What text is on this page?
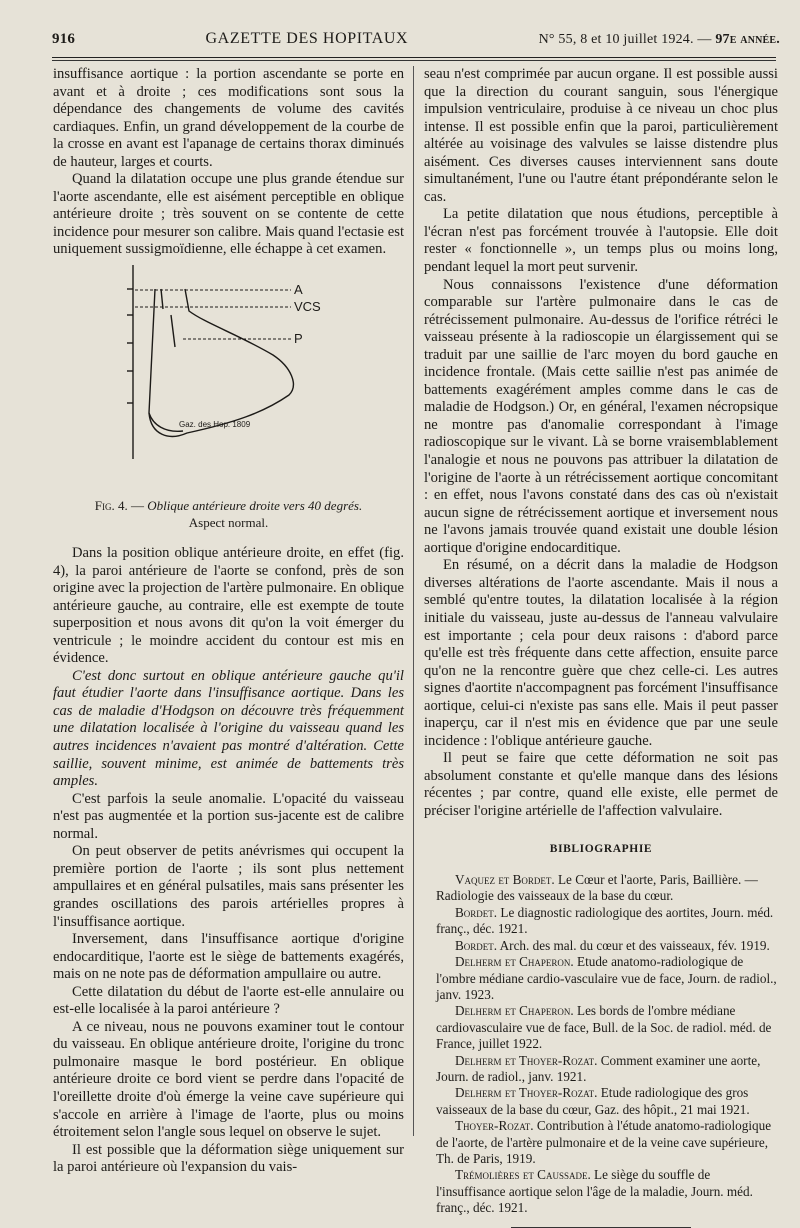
916	GAZETTE DES HOPITAUX	N° 55, 8 et 10 juillet 1924. — 97e année.

insuffisance aortique : la portion ascendante se porte en avant et à droite ; ces modifications sont sous la dépendance des changements de volume des cavités cardiaques. Enfin, un grand développement de la courbe de la crosse en avant est l'apanage de certains thorax diminués de hauteur, larges et courts.

Quand la dilatation occupe une plus grande étendue sur l'aorte ascendante, elle est aisément perceptible en oblique antérieure droite ; très souvent on se contente de cette incidence pour mesurer son calibre. Mais quand l'ectasie est uniquement sussigmoïdienne, elle échappe à cet examen.

A
VCS
P
Gaz. des Hop. 1809
Fig. 4. — Oblique antérieure droite vers 40 degrés.
Aspect normal.

Dans la position oblique antérieure droite, en effet (fig. 4), la paroi antérieure de l'aorte se confond, près de son origine avec la projection de l'artère pulmonaire. En oblique antérieure gauche, au contraire, elle est exempte de toute superposition et nous avons dit qu'on la voit émerger du ventricule ; le moindre accident du contour est mis en évidence.

C'est donc surtout en oblique antérieure gauche qu'il faut étudier l'aorte dans l'insuffisance aortique. Dans les cas de maladie d'Hodgson on découvre très fréquemment une dilatation localisée à l'origine du vaisseau quand les autres incidences n'avaient pas montré d'altération. Cette saillie, souvent minime, est animée de battements très amples.

C'est parfois la seule anomalie. L'opacité du vaisseau n'est pas augmentée et la portion sus-jacente est de calibre normal.

On peut observer de petits anévrismes qui occupent la première portion de l'aorte ; ils sont plus nettement ampullaires et en général pulsatiles, mais sans présenter les grandes oscillations des parois artérielles propres à l'insuffisance aortique.

Inversement, dans l'insuffisance aortique d'origine endocarditique, l'aorte est le siège de battements exagérés, mais on ne note pas de déformation ampullaire ou autre.

Cette dilatation du début de l'aorte est-elle annulaire ou est-elle localisée à la paroi antérieure ?

A ce niveau, nous ne pouvons examiner tout le contour du vaisseau. En oblique antérieure droite, l'origine du tronc pulmonaire masque le bord postérieur. En oblique antérieure droite ce bord vient se perdre dans l'opacité de l'oreillette droite d'où émerge la veine cave supérieure qui s'accole en arrière à l'image de l'aorte, plus ou moins étroitement selon l'angle sous lequel on observe le sujet.

Il est possible que la déformation siège uniquement sur la paroi antérieure où l'expansion du vais-

seau n'est comprimée par aucun organe. Il est possible aussi que la direction du courant sanguin, sous l'énergique impulsion ventriculaire, produise à ce niveau un choc plus intense. Il est possible enfin que la paroi, particulièrement altérée au voisinage des valvules se laisse distendre plus aisément. Ces diverses causes interviennent sans doute simultanément, l'une ou l'autre étant prépondérante selon le cas.

La petite dilatation que nous étudions, perceptible à l'écran n'est pas forcément trouvée à l'autopsie. Elle doit rester « fonctionnelle », un temps plus ou moins long, pendant lequel la mort peut survenir.

Nous connaissons l'existence d'une déformation comparable sur l'artère pulmonaire dans le cas de rétrécissement pulmonaire. Au-dessus de l'orifice rétréci le vaisseau présente à la radioscopie un élargissement qui se traduit par une saillie de l'arc moyen du bord gauche en incidence frontale. (Mais cette saillie n'est pas animée de battements exagérément amples comme dans le cas de maladie de Hodgson.) Or, en général, l'examen nécropsique ne montre pas d'anomalie correspondant à l'image radioscopique sur le vivant. Là se borne vraisemblablement l'analogie et nous ne pouvons pas attribuer la dilatation de l'origine de l'aorte à un rétrécissement aortique concomitant : en effet, nous l'avons constaté dans des cas où n'existait aucun signe de rétrécissement aortique et inversement nous ne l'avons jamais trouvée quand existait une double lésion aortique d'origine endocarditique.

En résumé, on a décrit dans la maladie de Hodgson diverses altérations de l'aorte ascendante. Mais il nous a semblé qu'entre toutes, la dilatation localisée à la région initiale du vaisseau, juste au-dessus de l'anneau valvulaire est importante ; cela pour deux raisons : d'abord parce qu'elle est très fréquente dans cette affection, ensuite parce qu'on ne la rencontre guère que chez celle-ci. Les autres signes d'aortite n'accompagnent pas forcément l'insuffisance aortique, celui-ci n'existe pas sans elle. Mais il peut passer inaperçu, car il n'est mis en évidence que par une seule incidence : l'oblique antérieure gauche.

Il peut se faire que cette déformation ne soit pas absolument constante et qu'elle manque dans des lésions récentes ; par contre, quand elle existe, elle permet de préciser l'origine artérielle de l'affection valvulaire.

BIBLIOGRAPHIE

Vaquez et Bordet. Le Cœur et l'aorte, Paris, Baillière. — Radiologie des vaisseaux de la base du cœur.

Bordet. Le diagnostic radiologique des aortites, Journ. méd. franç., déc. 1921.

Bordet. Arch. des mal. du cœur et des vaisseaux, fév. 1919.

Delherm et Chaperon. Etude anatomo-radiologique de l'ombre médiane cardio-vasculaire vue de face, Journ. de radiol., janv. 1923.

Delherm et Chaperon. Les bords de l'ombre médiane cardiovasculaire vue de face, Bull. de la Soc. de radiol. méd. de France, juillet 1922.

Delherm et Thoyer-Rozat. Comment examiner une aorte, Journ. de radiol., janv. 1921.

Delherm et Thoyer-Rozat. Etude radiologique des gros vaisseaux de la base du cœur, Gaz. des hôpit., 21 mai 1921.

Thoyer-Rozat. Contribution à l'étude anatomo-radiologique de l'aorte, de l'artère pulmonaire et de la veine cave supérieure, Th. de Paris, 1919.

Trémolières et Caussade. Le siège du souffle de l'insuffisance aortique selon l'âge de la maladie, Journ. méd. franç., déc. 1921.
